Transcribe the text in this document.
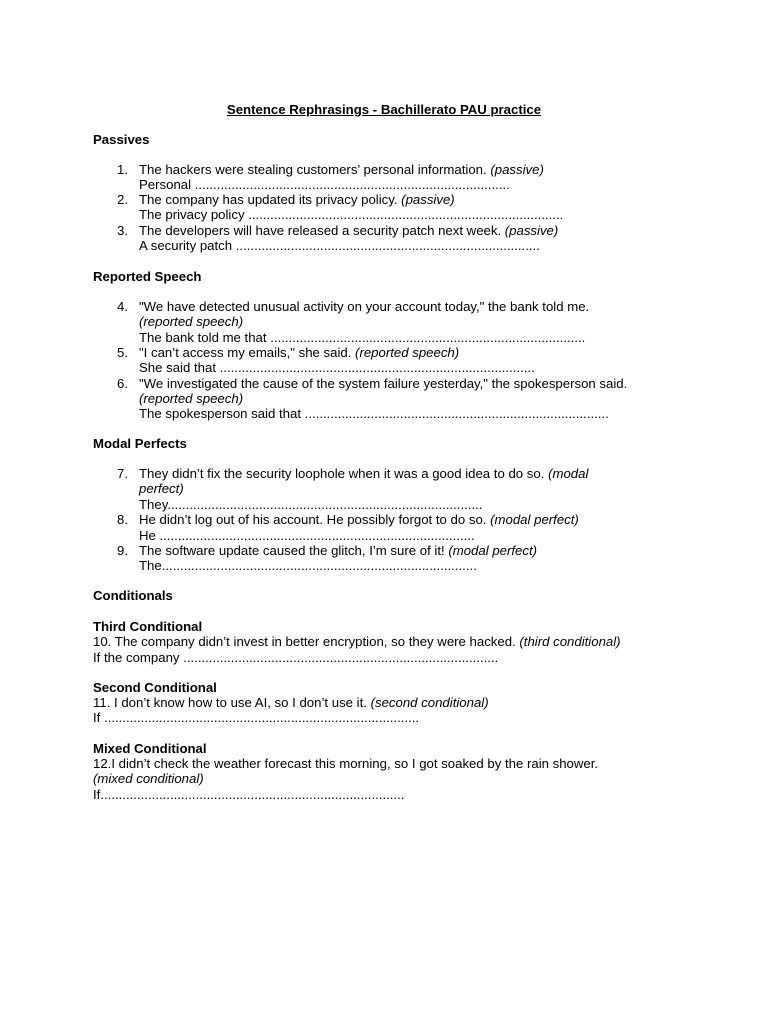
Sentence Rephrasings - Bachillerato PAU practice
Passives
1. The hackers were stealing customers’ personal information. (passive)
Personal ......................................................................................
2. The company has updated its privacy policy. (passive)
The privacy policy ......................................................................................
3. The developers will have released a security patch next week. (passive)
A security patch ...................................................................................
Reported Speech
4. "We have detected unusual activity on your account today," the bank told me.
(reported speech)
The bank told me that ......................................................................................
5. "I can’t access my emails," she said. (reported speech)
She said that ......................................................................................
6. "We investigated the cause of the system failure yesterday," the spokesperson said.
(reported speech)
The spokesperson said that ...................................................................................
Modal Perfects
7. They didn’t fix the security loophole when it was a good idea to do so. (modal
perfect)
They......................................................................................
8. He didn’t log out of his account. He possibly forgot to do so. (modal perfect)
He ......................................................................................
9. The software update caused the glitch, I’m sure of it! (modal perfect)
The......................................................................................
Conditionals
Third Conditional
10. The company didn’t invest in better encryption, so they were hacked. (third conditional)
If the company ......................................................................................
Second Conditional
11. I don’t know how to use AI, so I don’t use it. (second conditional)
If ......................................................................................
Mixed Conditional
12.I didn’t check the weather forecast this morning, so I got soaked by the rain shower.
(mixed conditional)
If...................................................................................
